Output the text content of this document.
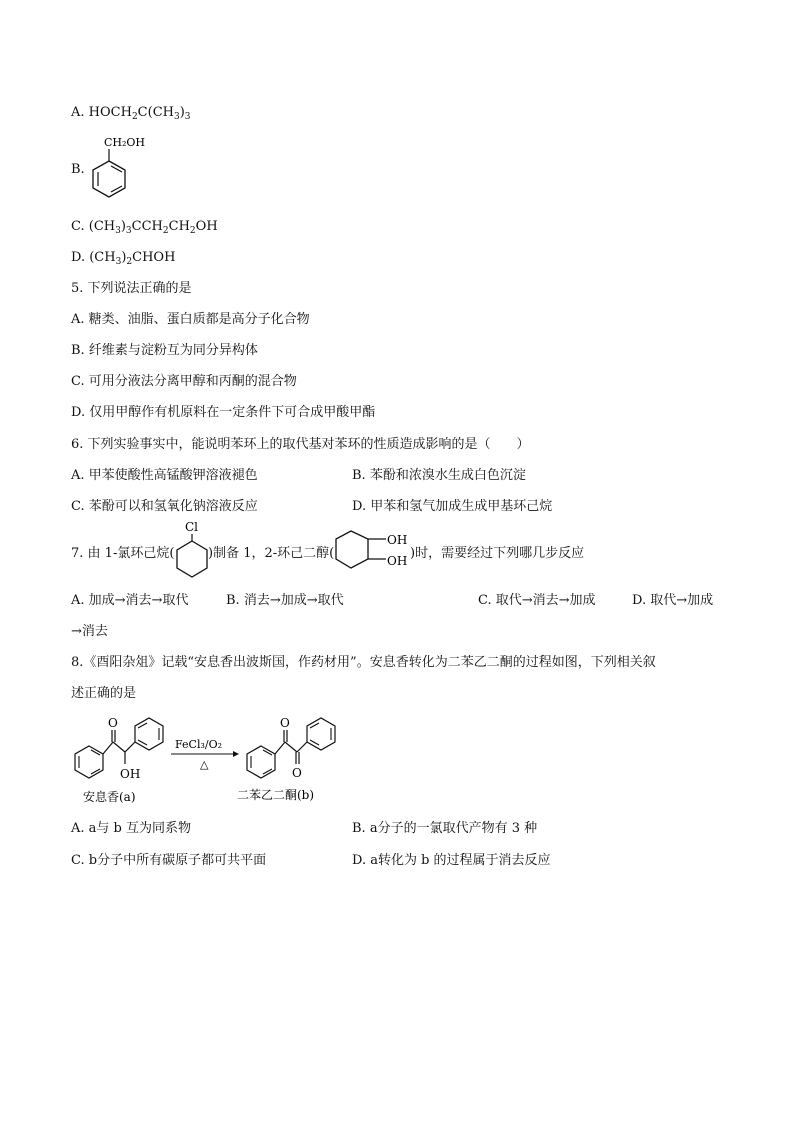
A. $HOCH_2C(CH_3)_3$
B.
CH₂OH
C. $(CH_3)_3CCH_2CH_2OH$
D. $(CH_3)_2CHOH$
5. 下列说法正确的是
A. 糖类、油脂、蛋白质都是高分子化合物
B. 纤维素与淀粉互为同分异构体
C. 可用分液法分离甲醇和丙酮的混合物
D. 仅用甲醇作有机原料在一定条件下可合成甲酸甲酯
6. 下列实验事实中，能说明苯环上的取代基对苯环的性质造成影响的是（　　）
A. 甲苯使酸性高锰酸钾溶液褪色	B. 苯酚和浓溴水生成白色沉淀
C. 苯酚可以和氢氧化钠溶液反应	D. 甲苯和氢气加成生成甲基环己烷
7. 由 1-氯环己烷(
Cl
)制备 1，2-环己二醇(
OH
OH )时，需要经过下列哪几步反应
A. 加成→消去→取代	B. 消去→加成→取代	C. 取代→消去→加成	D. 取代→加成
→消去
8.《酉阳杂俎》记载“安息香出波斯国，作药材用”。安息香转化为二苯乙二酮的过程如图，下列相关叙
述正确的是
O
OH
安息香(a)
FeCl₃/O₂
△
O
O
二苯乙二酮(b)
A. a与 b 互为同系物	B. a分子的一氯取代产物有 3 种
C. b分子中所有碳原子都可共平面	D. a转化为 b 的过程属于消去反应
